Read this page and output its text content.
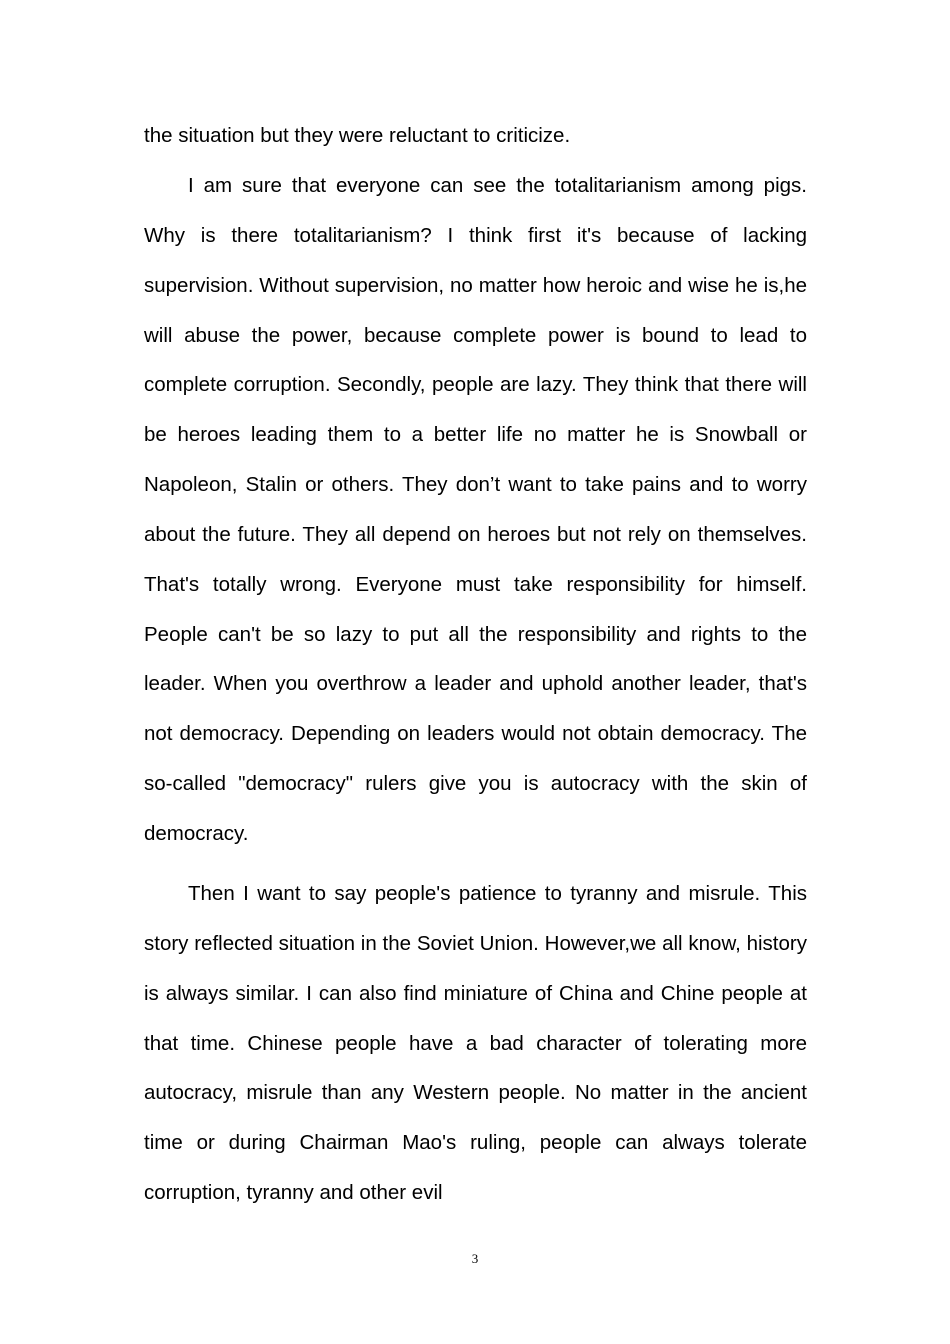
the situation but they were reluctant to criticize.

I am sure that everyone can see the totalitarianism among pigs. Why is there totalitarianism? I think first it's because of lacking supervision. Without supervision, no matter how heroic and wise he is,he will abuse the power, because complete power is bound to lead to complete corruption. Secondly, people are lazy. They think that there will be heroes leading them to a better life no matter he is Snowball or Napoleon, Stalin or others. They don’t want to take pains and to worry about the future. They all depend on heroes but not rely on themselves. That's totally wrong. Everyone must take responsibility for himself. People can't be so lazy to put all the responsibility and rights to the leader. When you overthrow a leader and uphold another leader, that's not democracy. Depending on leaders would not obtain democracy. The so-called "democracy" rulers give you is autocracy with the skin of democracy.

Then I want to say people's patience to tyranny and misrule. This story reflected situation in the Soviet Union. However,we all know, history is always similar. I can also find miniature of China and Chine people at that time. Chinese people have a bad character of tolerating more autocracy, misrule than any Western people. No matter in the ancient time or during Chairman Mao's ruling, people can always tolerate corruption, tyranny and other evil

3
